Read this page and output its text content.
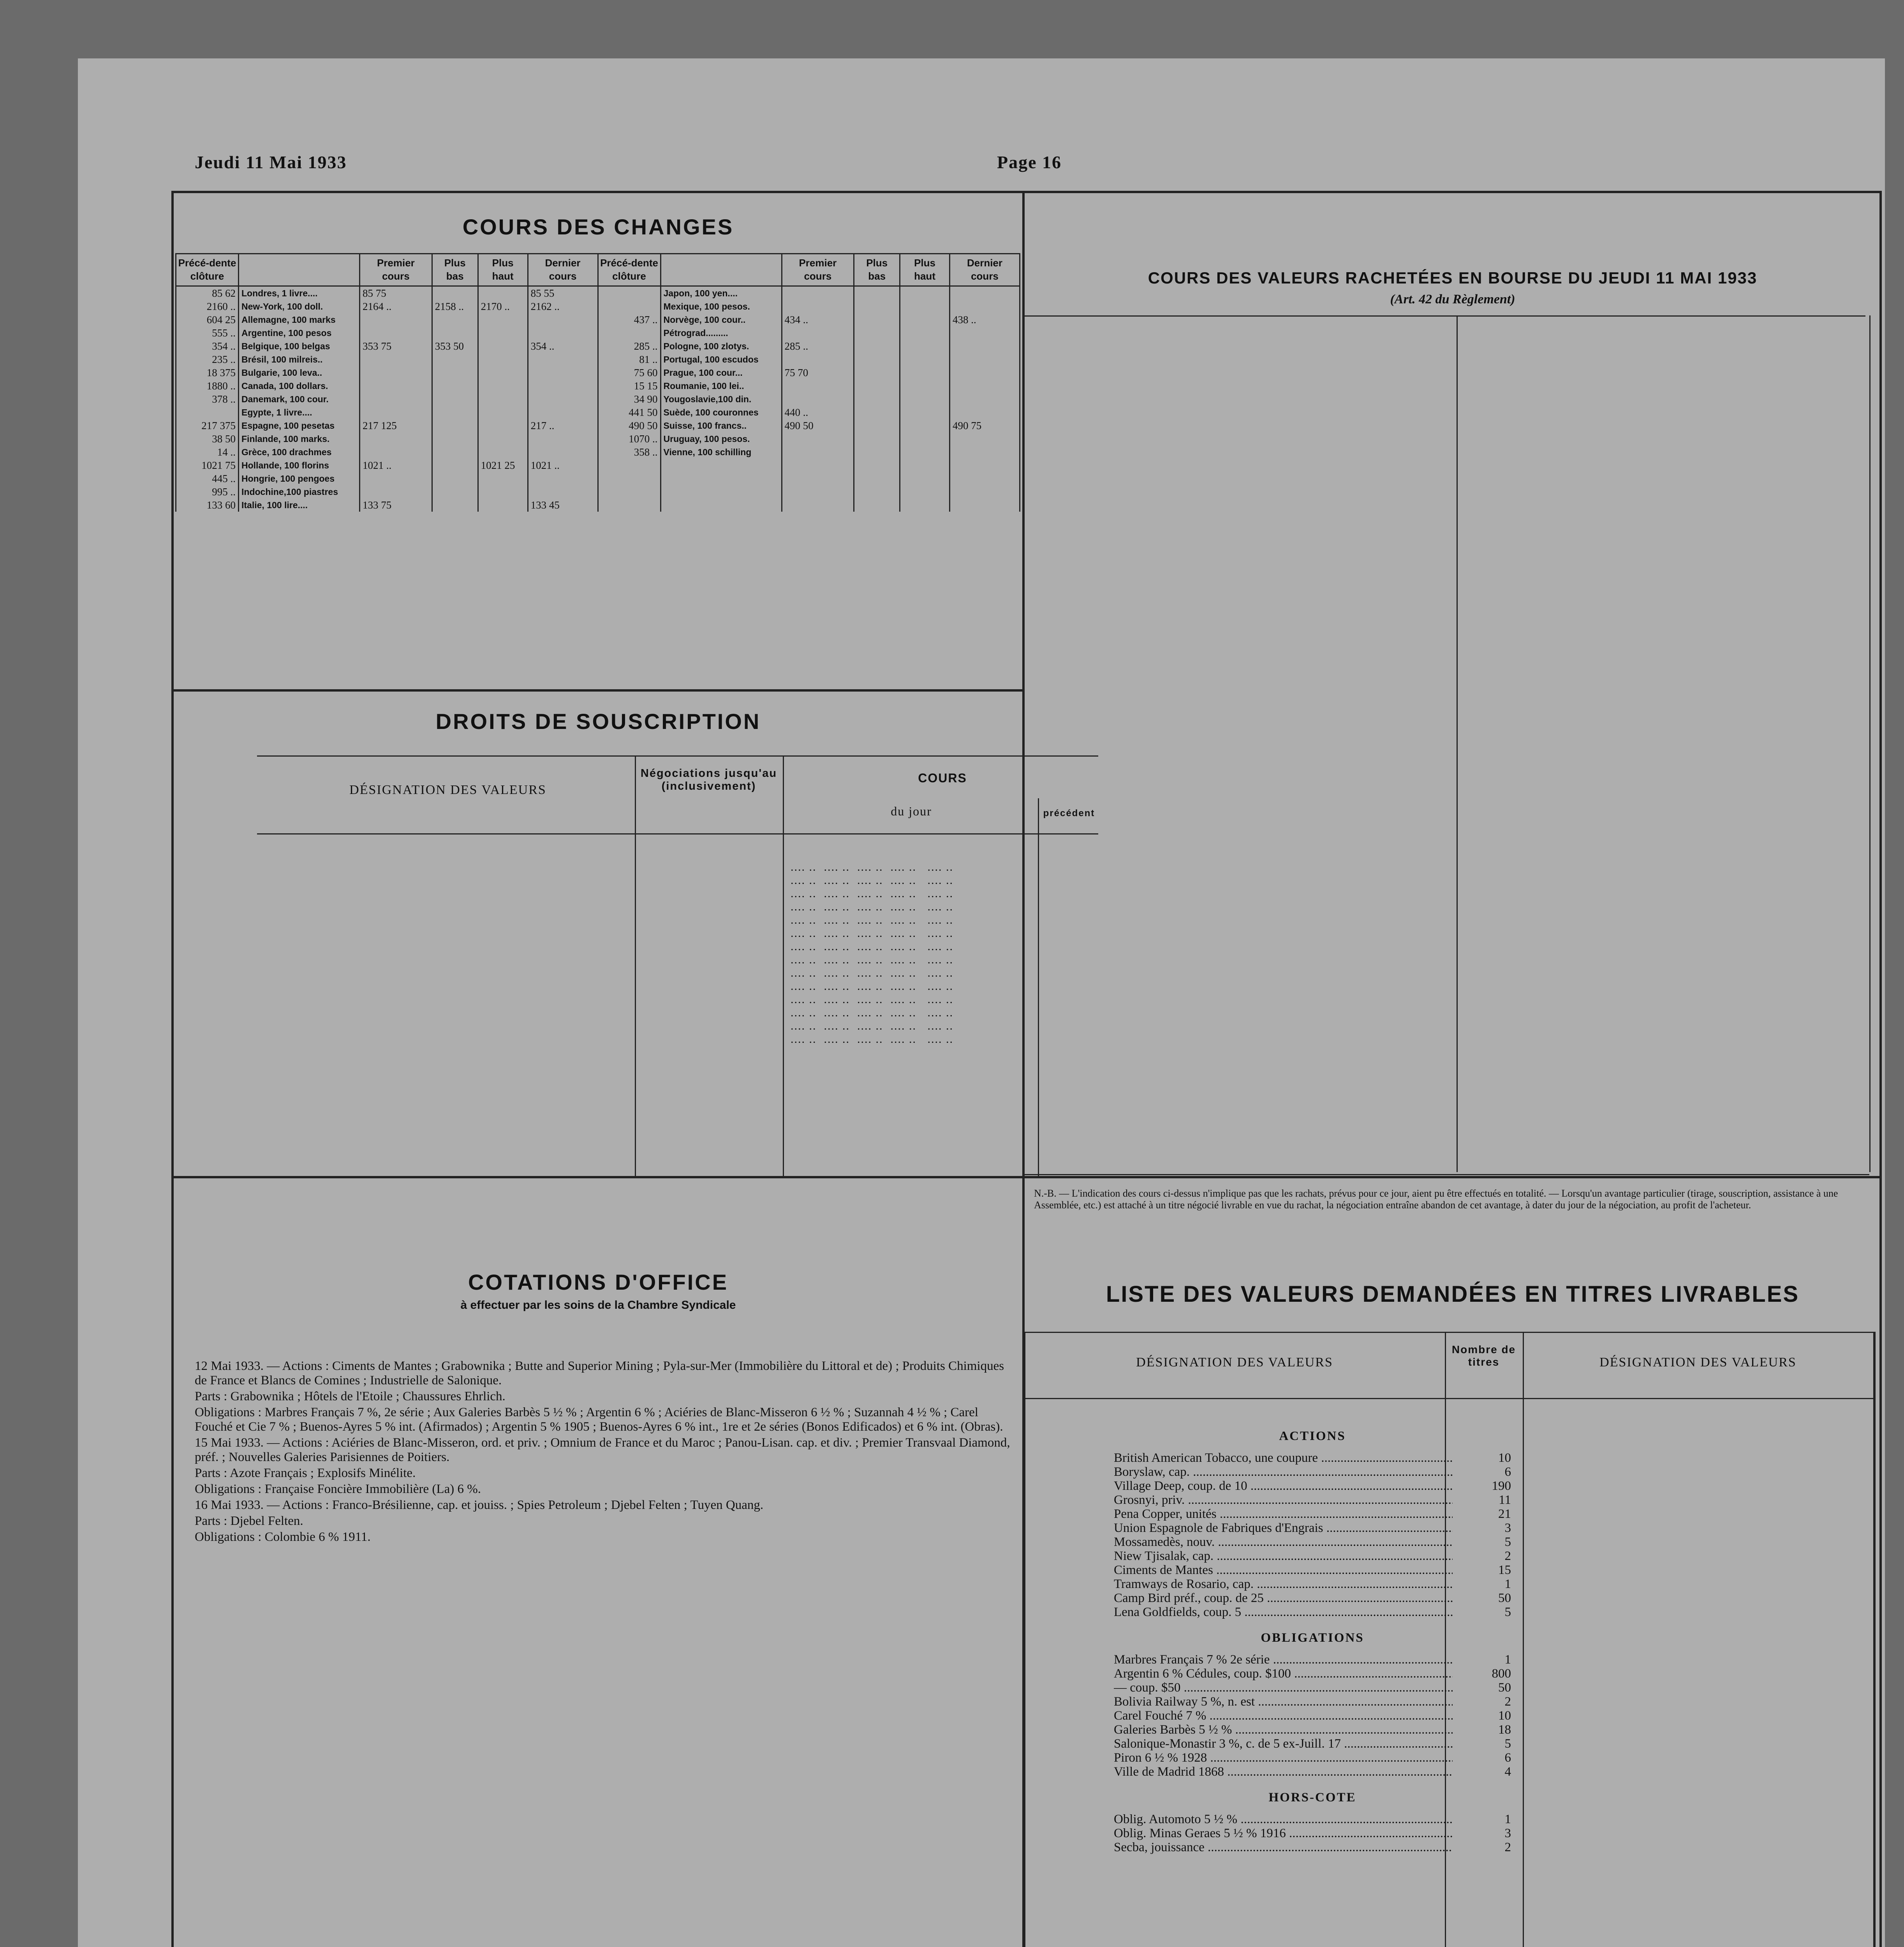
Jeudi 11 Mai 1933	Page 16
COURS DES CHANGES
Précé-dente clôture		Premier cours	Plus bas	Plus haut	Dernier cours	Précé-dente clôture		Premier cours	Plus bas	Plus haut	Dernier cours
85 62	Londres, 1 livre....	85 75			85 55		Japon, 100 yen....				
2160 ..	New-York, 100 doll.	2164 ..	2158 ..	2170 ..	2162 ..		Mexique, 100 pesos.				
604 25	Allemagne, 100 marks					437 ..	Norvège, 100 cour..	434 ..			438 ..
555 ..	Argentine, 100 pesos						Pétrograd.........				
354 ..	Belgique, 100 belgas	353 75	353 50		354 ..	285 ..	Pologne, 100 zlotys.	285 ..			
235 ..	Brésil, 100 milreis..					81 ..	Portugal, 100 escudos				
18 375	Bulgarie, 100 leva..					75 60	Prague, 100 cour...	75 70			
1880 ..	Canada, 100 dollars.					15 15	Roumanie, 100 lei..				
378 ..	Danemark, 100 cour.					34 90	Yougoslavie,100 din.				
	Egypte, 1 livre....					441 50	Suède, 100 couronnes	440 ..			
217 375	Espagne, 100 pesetas	217 125			217 ..	490 50	Suisse, 100 francs..	490 50			490 75
38 50	Finlande, 100 marks.					1070 ..	Uruguay, 100 pesos.				
14 ..	Grèce, 100 drachmes					358 ..	Vienne, 100 schilling				
1021 75	Hollande, 100 florins	1021 ..		1021 25	1021 ..						
445 ..	Hongrie, 100 pengoes										
995 ..	Indochine,100 piastres										
133 60	Italie, 100 lire....	133 75			133 45						
DROITS DE SOUSCRIPTION
DÉSIGNATION DES VALEURS
Négociations jusqu'au (inclusivement)
COURS
du jour	précédent
.... ..  .... ..  .... ..  .... ..   .... ..
.... ..  .... ..  .... ..  .... ..   .... ..
.... ..  .... ..  .... ..  .... ..   .... ..
.... ..  .... ..  .... ..  .... ..   .... ..
.... ..  .... ..  .... ..  .... ..   .... ..
.... ..  .... ..  .... ..  .... ..   .... ..
.... ..  .... ..  .... ..  .... ..   .... ..
.... ..  .... ..  .... ..  .... ..   .... ..
.... ..  .... ..  .... ..  .... ..   .... ..
.... ..  .... ..  .... ..  .... ..   .... ..
.... ..  .... ..  .... ..  .... ..   .... ..
.... ..  .... ..  .... ..  .... ..   .... ..
.... ..  .... ..  .... ..  .... ..   .... ..
.... ..  .... ..  .... ..  .... ..   .... ..
COURS DES VALEURS RACHETÉES EN BOURSE DU JEUDI 11 MAI 1933
(Art. 42 du Règlement)
N.-B. — L'indication des cours ci-dessus n'implique pas que les rachats, prévus pour ce jour, aient pu être effectués en totalité. — Lorsqu'un avantage particulier (tirage, souscription, assistance à une Assemblée, etc.) est attaché à un titre négocié livrable en vue du rachat, la négociation entraîne abandon de cet avantage, à dater du jour de la négociation, au profit de l'acheteur.
COTATIONS D'OFFICE
à effectuer par les soins de la Chambre Syndicale
12 Mai 1933. — Actions : Ciments de Mantes ; Grabownika ; Butte and Superior Mining ; Pyla-sur-Mer (Immobilière du Littoral et de) ; Produits Chimiques de France et Blancs de Comines ; Industrielle de Salonique.
Parts : Grabownika ; Hôtels de l'Etoile ; Chaussures Ehrlich.
Obligations : Marbres Français 7 %, 2e série ; Aux Galeries Barbès 5 ½ % ; Argentin 6 % ; Aciéries de Blanc-Misseron 6 ½ % ; Suzannah 4 ½ % ; Carel Fouché et Cie 7 % ; Buenos-Ayres 5 % int. (Afirmados) ; Argentin 5 % 1905 ; Buenos-Ayres 6 % int., 1re et 2e séries (Bonos Edificados) et 6 % int. (Obras).
15 Mai 1933. — Actions : Aciéries de Blanc-Misseron, ord. et priv. ; Omnium de France et du Maroc ; Panou-Lisan. cap. et div. ; Premier Transvaal Diamond, préf. ; Nouvelles Galeries Parisiennes de Poitiers.
Parts : Azote Français ; Explosifs Minélite.
Obligations : Française Foncière Immobilière (La) 6 %.
16 Mai 1933. — Actions : Franco-Brésilienne, cap. et jouiss. ; Spies Petroleum ; Djebel Felten ; Tuyen Quang.
Parts : Djebel Felten.
Obligations : Colombie 6 % 1911.
LISTE DES VALEURS DEMANDÉES EN TITRES LIVRABLES
DÉSIGNATION DES VALEURS
Nombre de titres	DÉSIGNATION DES VALEURS
ACTIONS
British American Tobacco, une coupure .....	10
Boryslaw, cap. .....	6
Village Deep, coup. de 10 .....	190
Grosnyi, priv. .....	11
Pena Copper, unités .....	21
Union Espagnole de Fabriques d'Engrais .....	3
Mossamedès, nouv. .....	5
Niew Tjisalak, cap. .....	2
Ciments de Mantes .....	15
Tramways de Rosario, cap. .....	1
Camp Bird préf., coup. de 25 .....	50
Lena Goldfields, coup. 5 .....	5
OBLIGATIONS
Marbres Français 7 % 2e série .....	1
Argentin 6 % Cédules, coup. $100 .....	800
— coup. $50 .....	50
Bolivia Railway 5 %, n. est .....	2
Carel Fouché 7 % .....	10
Galeries Barbès 5 ½ % .....	18
Salonique-Monastir 3 %, c. de 5 ex-Juill. 17 .....	5
Piron 6 ½ % 1928 .....	6
Ville de Madrid 1868 .....	4
HORS-COTE
Oblig. Automoto 5 ½ % .....	1
Oblig. Minas Geraes 5 ½ % 1916 .....	3
Secba, jouissance .....	2
